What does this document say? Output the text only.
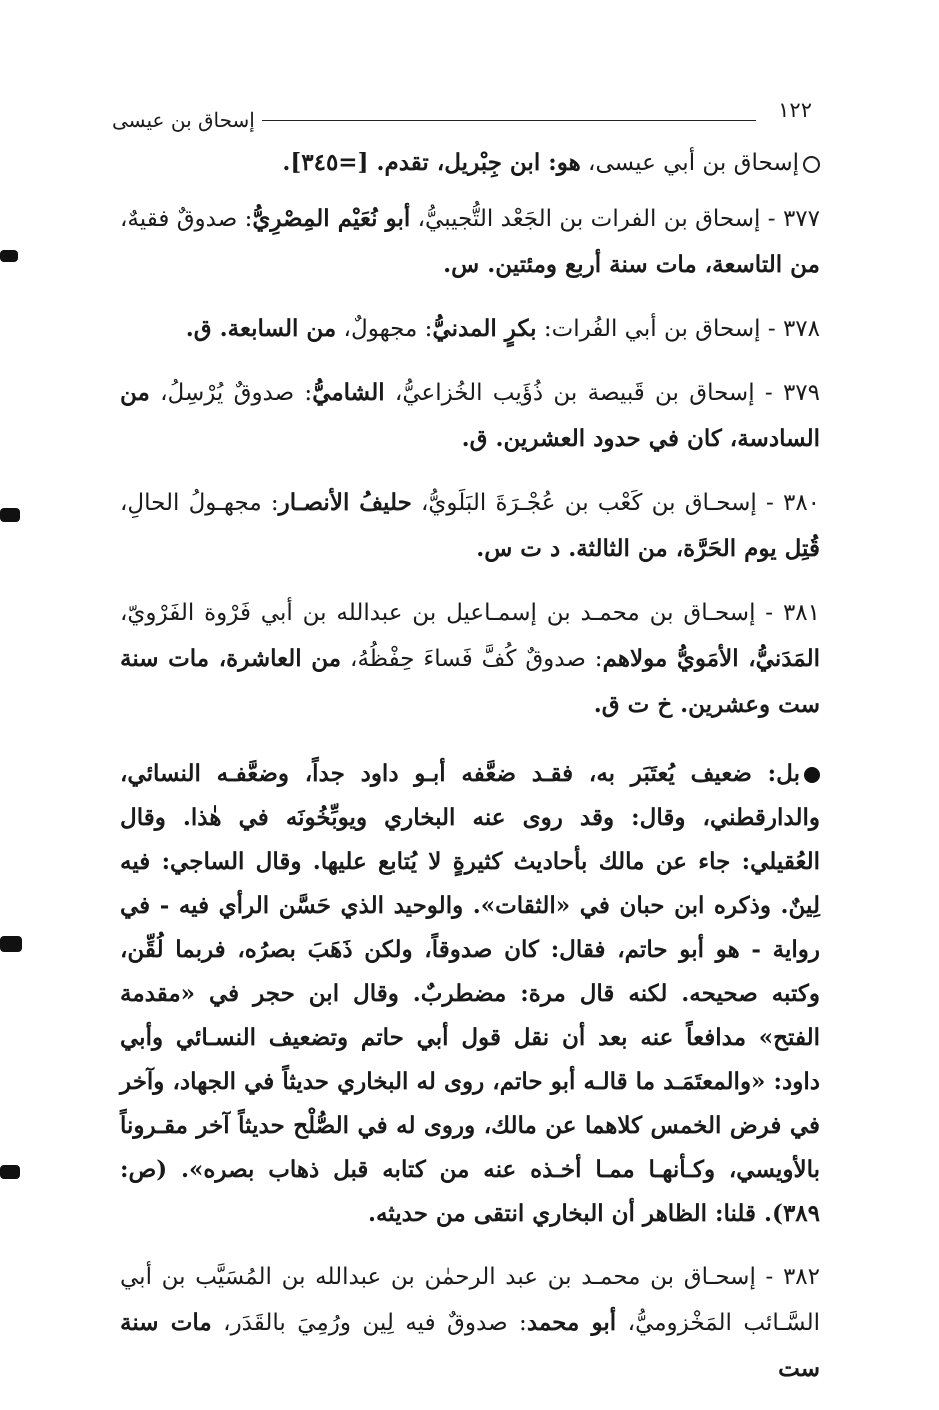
١٢٢
إسحاق بن عيسى

إسحاق بن أبي عيسى، هو: ابن جِبْريل، تقدم. [=٣٤٥].

٣٧٧ - إسحاق بن الفرات بن الجَعْد التُّجيبيُّ، أبو نُعَيْم المِصْرِيُّ: صدوقٌ فقيهٌ، من التاسعة، مات سنة أربع ومئتين. س.

٣٧٨ - إسحاق بن أبي الفُرات: بكرٍ المدنيُّ: مجهولٌ، من السابعة. ق.

٣٧٩ - إسحاق بن قَبيصة بن ذُؤَيب الخُزاعيُّ، الشاميُّ: صدوقٌ يُرْسِلُ، من السادسة، كان في حدود العشرين. ق.

٣٨٠ - إسحـاق بن كَعْب بن عُجْـرَةَ البَلَويُّ، حليفُ الأنصـار: مجهـولُ الحالِ، قُتِل يوم الحَرَّة، من الثالثة. د ت س.

٣٨١ - إسحـاق بن محمـد بن إسمـاعيل بن عبدالله بن أبي فَرْوة الفَرْويّ، المَدَنيُّ، الأمَويُّ مولاهم: صدوقٌ كُفَّ فَساءَ حِفْظُهُ، من العاشرة، مات سنة ست وعشرين. خ ت ق.

بل: ضعيف يُعتَبَر به، فقـد ضعَّفه أبـو داود جداً، وضعَّفـه النسائي، والدارقطني، وقال: وقد روى عنه البخاري ويوبِّخُونَه في هٰذا. وقال العُقيلي: جاء عن مالك بأحاديث كثيرةٍ لا يُتابع عليها. وقال الساجي: فيه لِينٌ. وذكره ابن حبان في «الثقات». والوحيد الذي حَسَّن الرأي فيه - في رواية - هو أبو حاتم، فقال: كان صدوقاً، ولكن ذَهَبَ بصرُه، فربما لُقِّن، وكتبه صحيحه. لكنه قال مرة: مضطربٌ. وقال ابن حجر في «مقدمة الفتح» مدافعاً عنه بعد أن نقل قول أبي حاتم وتضعيف النسـائي وأبي داود: «والمعتَمَـد ما قالـه أبو حاتم، روى له البخاري حديثاً في الجهاد، وآخر في فرض الخمس كلاهما عن مالك، وروى له في الصُّلْح حديثاً آخر مقـروناً بالأويسي، وكـأنهـا ممـا أخـذه عنه من كتابه قبل ذهاب بصره». (ص: ٣٨٩). قلنا: الظاهر أن البخاري انتقى من حديثه.

٣٨٢ - إسحـاق بن محمـد بن عبد الرحمٰن بن عبدالله بن المُسَيَّب بن أبي السَّـائب المَخْزوميُّ، أبو محمد: صدوقٌ فيه لِين ورُمِيَ بالقَدَر، مات سنة ست
